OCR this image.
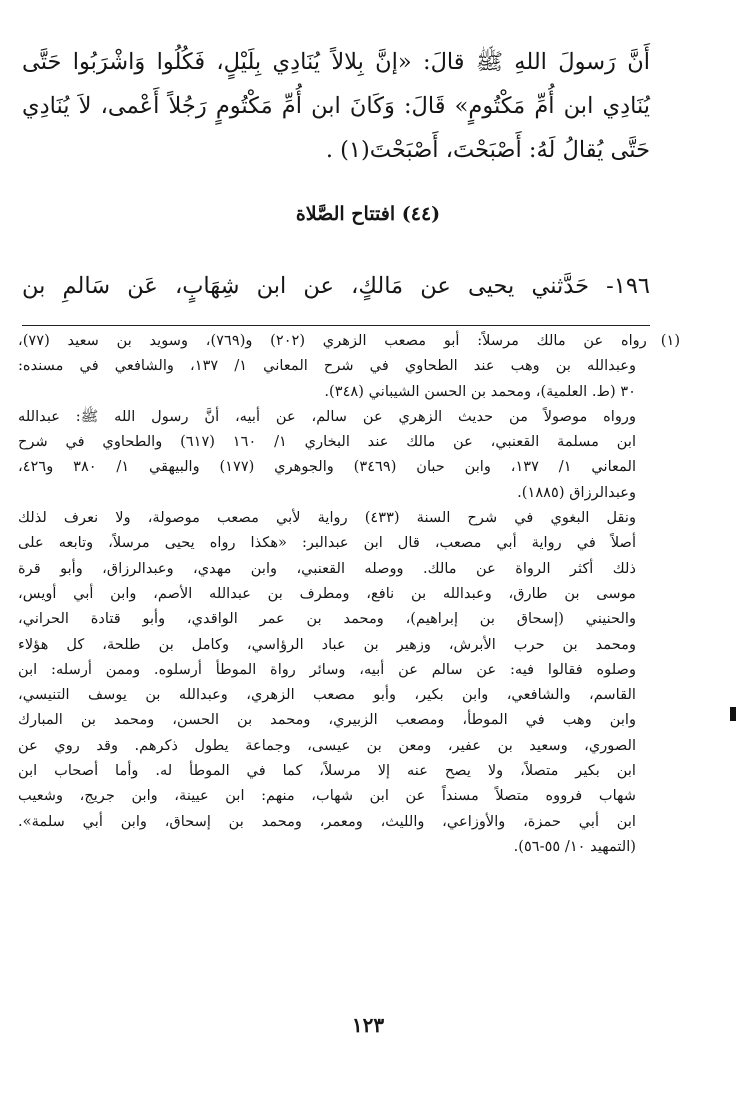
أَنَّ رَسولَ اللهِ ﷺ قالَ: «إنَّ بِلالاً يُنَادِي بِلَيْلٍ، فَكُلُوا وَاشْرَبُوا حَتَّى يُنَادِي ابن أُمِّ مَكْتُومٍ» قَالَ: وَكَانَ ابن أُمِّ مَكْتُومٍ رَجُلاً أَعْمى، لاَ يُنَادِي حَتَّى يُقالُ لَهُ: أَصْبَحْتَ، أَصْبَحْتَ(١) .

(٤٤) افتتاح الصَّلاة

١٩٦- حَدَّثني يحيى عن مَالكٍ، عن ابن شِهَابٍ، عَن سَالمِ بن

(١)رواه عن مالك مرسلاً: أبو مصعب الزهري (٢٠٢) و(٧٦٩)، وسويد بن سعيد (٧٧)،
وعبدالله بن وهب عند الطحاوي في شرح المعاني ١/ ١٣٧، والشافعي في مسنده:
٣٠ (ط. العلمية)، ومحمد بن الحسن الشيباني (٣٤٨).
ورواه موصولاً من حديث الزهري عن سالم، عن أبيه، أنَّ رسول الله ﷺ: عبدالله
ابن مسلمة القعنبي، عن مالك عند البخاري ١/ ١٦٠ (٦١٧) والطحاوي في شرح
المعاني ١/ ١٣٧، وابن حبان (٣٤٦٩) والجوهري (١٧٧) والبيهقي ١/ ٣٨٠ و٤٢٦،
وعبدالرزاق (١٨٨٥).
ونقل البغوي في شرح السنة (٤٣٣) رواية لأبي مصعب موصولة، ولا نعرف لذلك
أصلاً في رواية أبي مصعب، قال ابن عبدالبر: «هكذا رواه يحيى مرسلاً، وتابعه على
ذلك أكثر الرواة عن مالك. ووصله القعنبي، وابن مهدي، وعبدالرزاق، وأبو قرة
موسى بن طارق، وعبدالله بن نافع، ومطرف بن عبدالله الأصم، وابن أبي أويس،
والحنيني (إسحاق بن إبراهيم)، ومحمد بن عمر الواقدي، وأبو قتادة الحراني،
ومحمد بن حرب الأبرش، وزهير بن عباد الرؤاسي، وكامل بن طلحة، كل هؤلاء
وصلوه فقالوا فيه: عن سالم عن أبيه، وسائر رواة الموطأ أرسلوه. وممن أرسله: ابن
القاسم، والشافعي، وابن بكير، وأبو مصعب الزهري، وعبدالله بن يوسف التنيسي،
وابن وهب في الموطأ، ومصعب الزبيري، ومحمد بن الحسن، ومحمد بن المبارك
الصوري، وسعيد بن عفير، ومعن بن عيسى، وجماعة يطول ذكرهم. وقد روي عن
ابن بكير متصلاً، ولا يصح عنه إلا مرسلاً، كما في الموطأ له. وأما أصحاب ابن
شهاب فرووه متصلاً مسنداً عن ابن شهاب، منهم: ابن عيينة، وابن جريج، وشعيب
ابن أبي حمزة، والأوزاعي، والليث، ومعمر، ومحمد بن إسحاق، وابن أبي سلمة».
(التمهيد ١٠/ ٥٥-٥٦).
١٢٣
